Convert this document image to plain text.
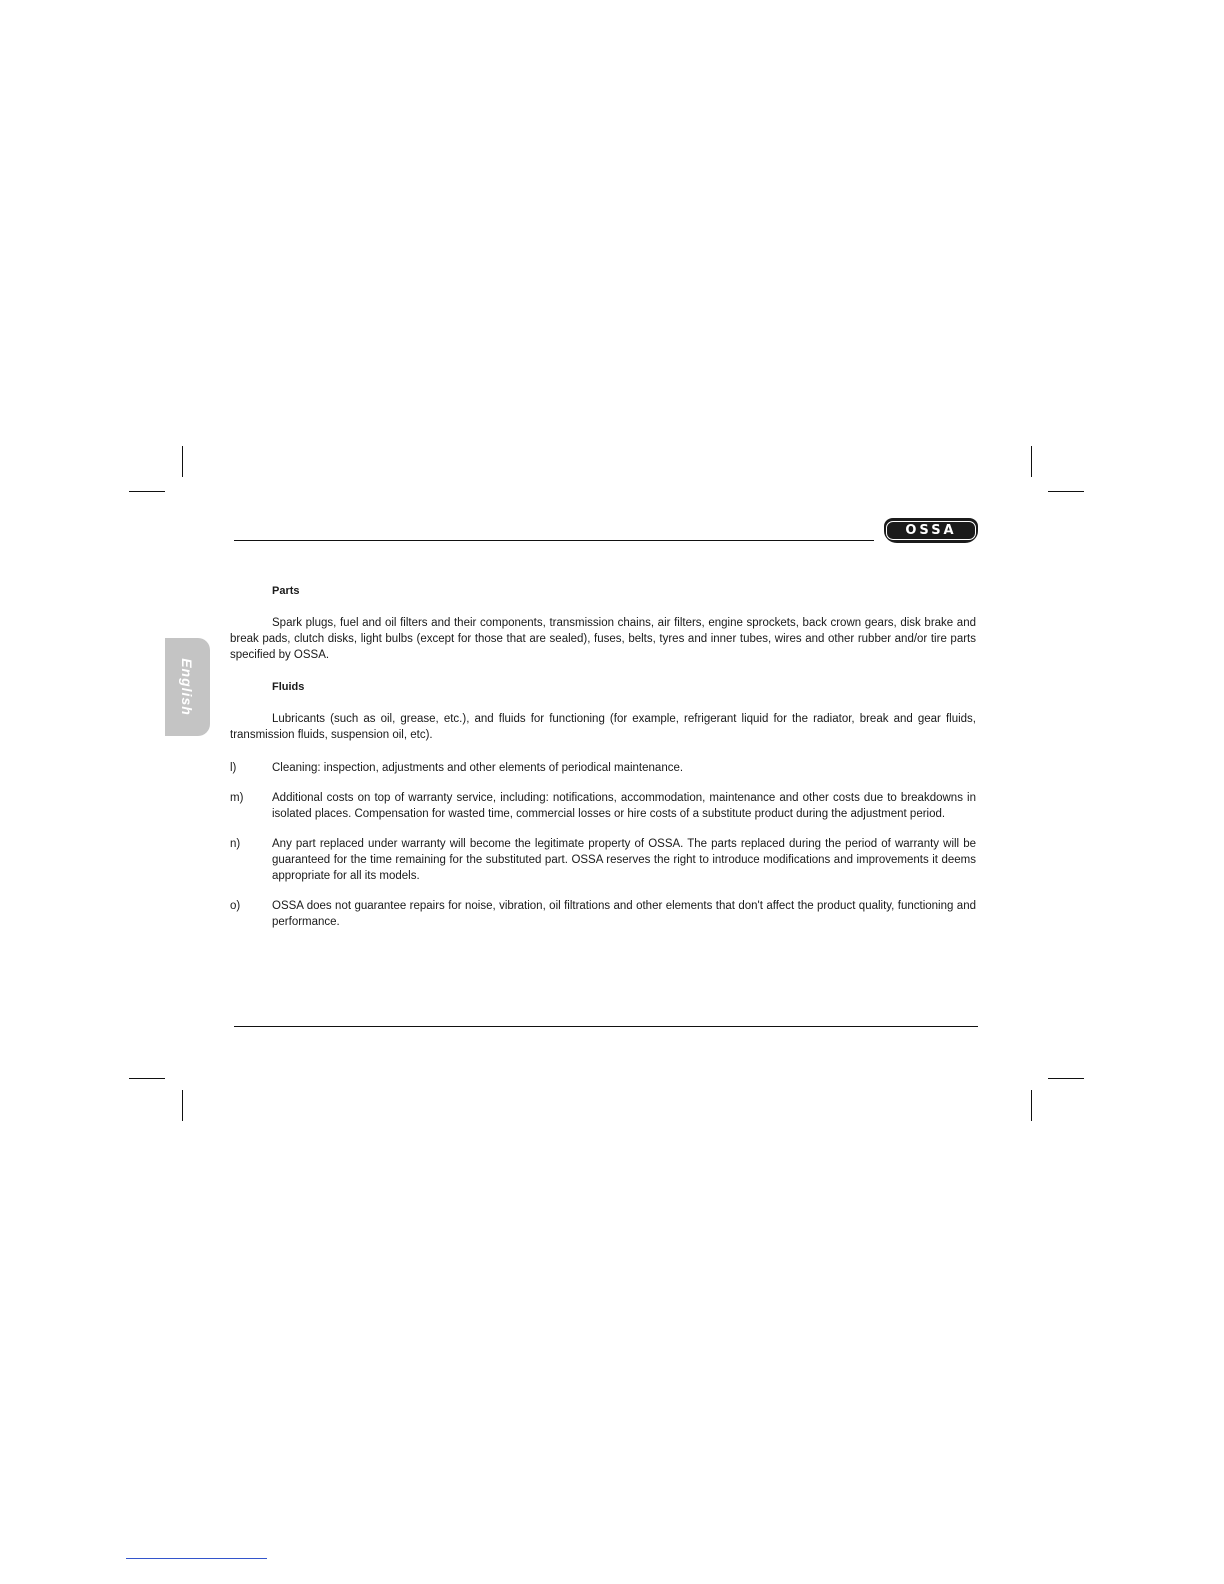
OSSA
English

Parts

Spark plugs, fuel and oil filters and their components, transmission chains, air filters, engine sprockets, back crown gears, disk brake and break pads, clutch disks, light bulbs (except for those that are sealed), fuses, belts, tyres and inner tubes, wires and other rubber and/or tire parts specified by OSSA.

Fluids

Lubricants (such as oil, grease, etc.), and fluids for functioning (for example, refrigerant liquid for the radiator, break and gear fluids, transmission fluids, suspension oil, etc).

l)	Cleaning: inspection, adjustments and other elements of periodical maintenance.
m)	Additional costs on top of warranty service, including: notifications, accommodation, maintenance and other costs due to breakdowns in isolated places. Compensation for wasted time, commercial losses or hire costs of a substitute product during the adjustment period.
n)	Any part replaced under warranty will become the legitimate property of OSSA. The parts replaced during the period of warranty will be guaranteed for the time remaining for the substituted part. OSSA reserves the right to introduce modifications and improvements it deems appropriate for all its models.
o)	OSSA does not guarantee repairs for noise, vibration, oil filtrations and other elements that don't affect the product quality, functioning and performance.
